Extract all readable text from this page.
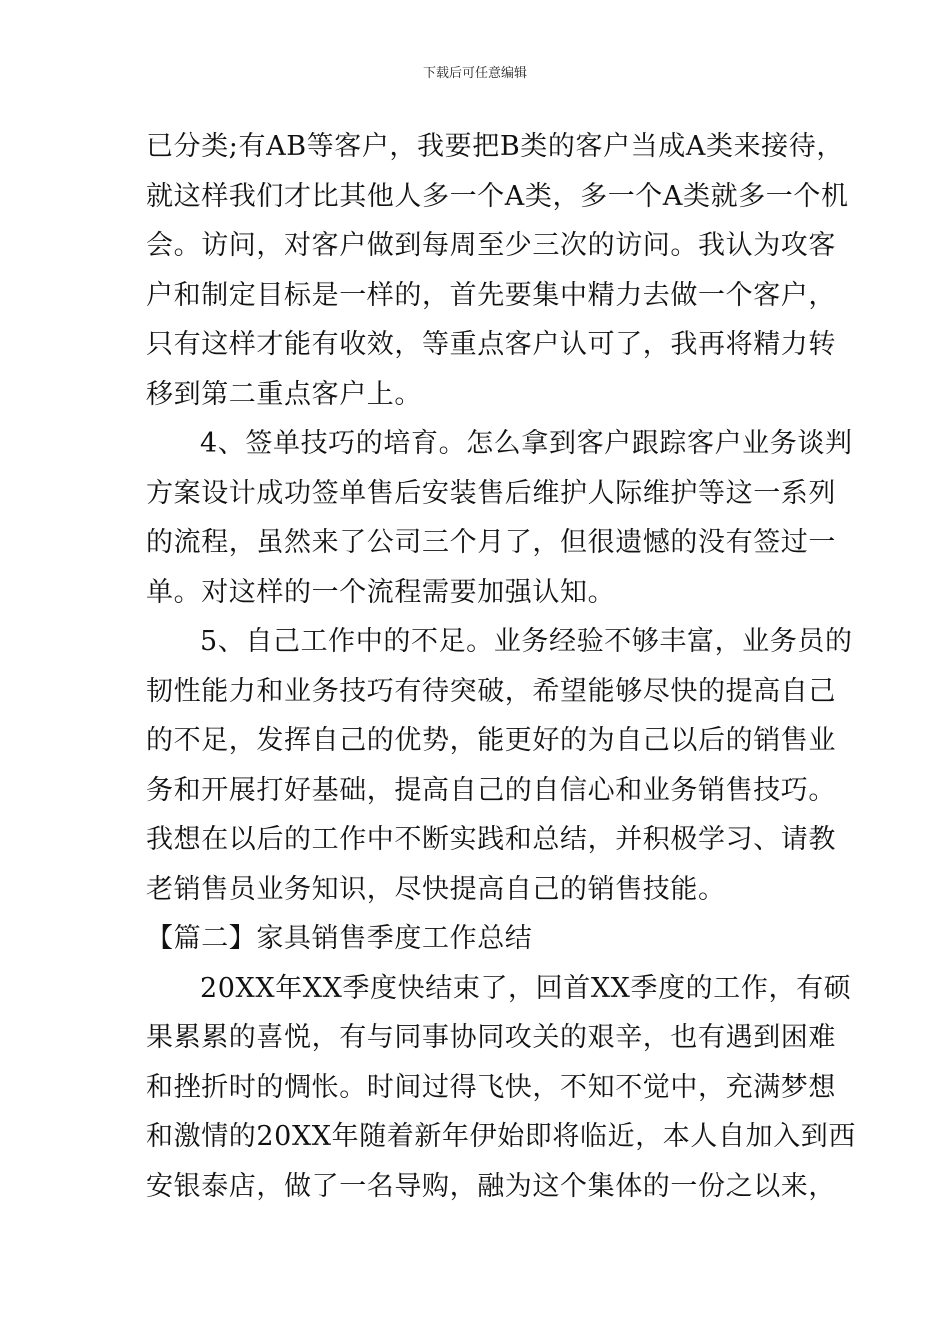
下载后可任意编辑
已分类;有AB等客户，我要把B类的客户当成A类来接待，
就这样我们才比其他人多一个A类，多一个A类就多一个机
会。访问，对客户做到每周至少三次的访问。我认为攻客
户和制定目标是一样的，首先要集中精力去做一个客户，
只有这样才能有收效，等重点客户认可了，我再将精力转
移到第二重点客户上。
4、签单技巧的培育。怎么拿到客户跟踪客户业务谈判
方案设计成功签单售后安装售后维护人际维护等这一系列
的流程，虽然来了公司三个月了，但很遗憾的没有签过一
单。对这样的一个流程需要加强认知。
5、自己工作中的不足。业务经验不够丰富，业务员的
韧性能力和业务技巧有待突破，希望能够尽快的提高自己
的不足，发挥自己的优势，能更好的为自己以后的销售业
务和开展打好基础，提高自己的自信心和业务销售技巧。
我想在以后的工作中不断实践和总结，并积极学习、请教
老销售员业务知识，尽快提高自己的销售技能。
【篇二】家具销售季度工作总结
20XX年XX季度快结束了，回首XX季度的工作，有硕
果累累的喜悦，有与同事协同攻关的艰辛，也有遇到困难
和挫折时的惆怅。时间过得飞快，不知不觉中，充满梦想
和激情的20XX年随着新年伊始即将临近，本人自加入到西
安银泰店，做了一名导购，融为这个集体的一份之以来，
